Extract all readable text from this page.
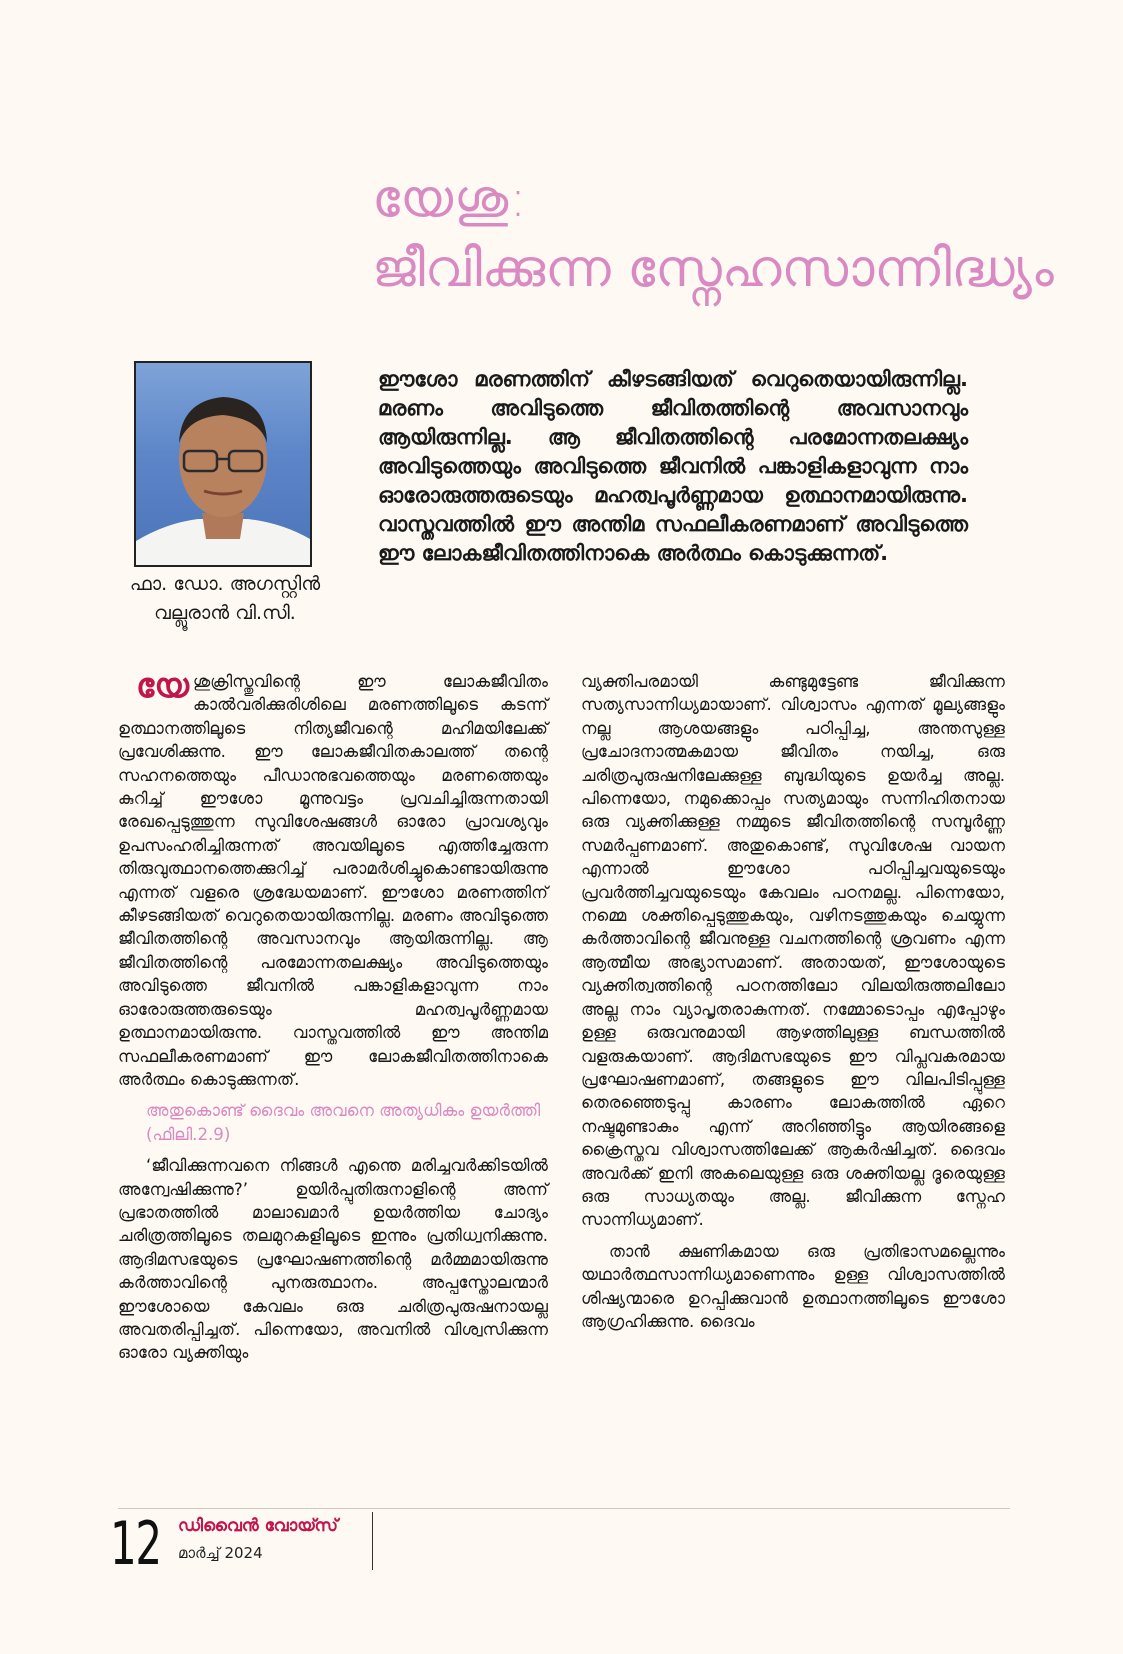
യേശു:
ജീവിക്കുന്ന സ്നേഹസാന്നിദ്ധ്യം
ഫാ. ഡോ. അഗസ്റ്റിൻ
വല്ലൂരാൻ വി.സി.
ഈശോ മരണത്തിന് കീഴടങ്ങിയത് വെറുതെയായിരുന്നില്ല. മരണം അവിടുത്തെ ജീവിതത്തിന്റെ അവസാനവും ആയിരുന്നില്ല. ആ ജീവിതത്തിന്റെ പരമോന്നതലക്ഷ്യം അവിടുത്തെയും അവിടുത്തെ ജീവനിൽ പങ്കാളികളാവുന്ന നാം ഓരോരുത്തരുടെയും മഹത്വപൂർണ്ണമായ ഉത്ഥാനമായിരുന്നു. വാസ്തവത്തിൽ ഈ അന്തിമ സഫലീകരണമാണ് അവിടുത്തെ ഈ ലോകജീവിതത്തിനാകെ അർത്ഥം കൊടുക്കുന്നത്.

യേശുക്രിസ്തുവിന്റെ ഈ ലോകജീവിതം കാൽവരിക്കുരിശിലെ മരണത്തിലൂടെ കടന്ന് ഉത്ഥാനത്തിലൂടെ നിത്യജീവന്റെ മഹിമയിലേക്ക് പ്രവേശിക്കുന്നു. ഈ ലോകജീവിതകാലത്ത് തന്റെ സഹനത്തെയും പീഡാനുഭവത്തെയും മരണത്തെയും കുറിച്ച് ഈശോ മൂന്നുവട്ടം പ്രവചിച്ചിരുന്നതായി രേഖപ്പെടുത്തുന്ന സുവിശേഷങ്ങൾ ഓരോ പ്രാവശ്യവും ഉപസംഹരിച്ചിരുന്നത് അവയിലൂടെ എത്തിച്ചേരുന്ന തിരുവുത്ഥാനത്തെക്കുറിച്ച് പരാമർശിച്ചുകൊണ്ടായിരുന്നു എന്നത് വളരെ ശ്രദ്ധേയമാണ്. ഈശോ മരണത്തിന് കീഴടങ്ങിയത് വെറുതെയായിരുന്നില്ല. മരണം അവിടുത്തെ ജീവിതത്തിന്റെ അവസാനവും ആയിരുന്നില്ല. ആ ജീവിതത്തിന്റെ പരമോന്നതലക്ഷ്യം അവിടുത്തെയും അവിടുത്തെ ജീവനിൽ പങ്കാളികളാവുന്ന നാം ഓരോരുത്തരുടെയും മഹത്വപൂർണ്ണമായ ഉത്ഥാനമായിരുന്നു. വാസ്തവത്തിൽ ഈ അന്തിമ സഫലീകരണമാണ് ഈ ലോകജീവിതത്തിനാകെ അർത്ഥം കൊടുക്കുന്നത്.

അതുകൊണ്ട് ദൈവം അവനെ അത്യധികം ഉയർത്തി (ഫിലി.2.9)

‘ജീവിക്കുന്നവനെ നിങ്ങൾ എന്തെ മരിച്ചവർക്കിടയിൽ അന്വേഷിക്കുന്നു?’ ഉയിർപ്പുതിരുനാളിന്റെ അന്ന് പ്രഭാതത്തിൽ മാലാഖമാർ ഉയർത്തിയ ചോദ്യം ചരിത്രത്തിലൂടെ തലമുറകളിലൂടെ ഇന്നും പ്രതിധ്വനിക്കുന്നു. ആദിമസഭയുടെ പ്രഘോഷണത്തിന്റെ മർമ്മമായിരുന്നു കർത്താവിന്റെ പുനരുത്ഥാനം. അപ്പസ്തോലന്മാർ ഈശോയെ കേവലം ഒരു ചരിത്രപുരുഷനായല്ല അവതരിപ്പിച്ചത്. പിന്നെയോ, അവനിൽ വിശ്വസിക്കുന്ന ഓരോ വ്യക്തിയും

വ്യക്തിപരമായി കണ്ടുമുട്ടേണ്ട ജീവിക്കുന്ന സത്യസാന്നിധ്യമായാണ്. വിശ്വാസം എന്നത് മൂല്യങ്ങളും നല്ല ആശയങ്ങളും പഠിപ്പിച്ച, അന്തസുള്ള പ്രചോദനാത്മകമായ ജീവിതം നയിച്ച, ഒരു ചരിത്രപുരുഷനിലേക്കുള്ള ബുദ്ധിയുടെ ഉയർച്ച അല്ല. പിന്നെയോ, നമുക്കൊപ്പം സത്യമായും സന്നിഹിതനായ ഒരു വ്യക്തിക്കുള്ള നമ്മുടെ ജീവിതത്തിന്റെ സമ്പൂർണ്ണ സമർപ്പണമാണ്. അതുകൊണ്ട്, സുവിശേഷ വായന എന്നാൽ ഈശോ പഠിപ്പിച്ചവയുടെയും പ്രവർത്തിച്ചവയുടെയും കേവലം പഠനമല്ല. പിന്നെയോ, നമ്മെ ശക്തിപ്പെടുത്തുകയും, വഴിനടത്തുകയും ചെയ്യുന്ന കർത്താവിന്റെ ജീവനുള്ള വചനത്തിന്റെ ശ്രവണം എന്ന ആത്മീയ അഭ്യാസമാണ്. അതായത്, ഈശോയുടെ വ്യക്തിത്വത്തിന്റെ പഠനത്തിലോ വിലയിരുത്തലിലോ അല്ല നാം വ്യാപൃതരാകുന്നത്. നമ്മോടൊപ്പം എപ്പോഴും ഉള്ള ഒരുവനുമായി ആഴത്തിലുള്ള ബന്ധത്തിൽ വളരുകയാണ്. ആദിമസഭയുടെ ഈ വിപ്ലവകരമായ പ്രഘോഷണമാണ്, തങ്ങളുടെ ഈ വിലപിടിപ്പുള്ള തെരഞ്ഞെടുപ്പു കാരണം ലോകത്തിൽ ഏറെ നഷ്ടമുണ്ടാകും എന്ന് അറിഞ്ഞിട്ടും ആയിരങ്ങളെ ക്രൈസ്തവ വിശ്വാസത്തിലേക്ക് ആകർഷിച്ചത്. ദൈവം അവർക്ക് ഇനി അകലെയുള്ള ഒരു ശക്തിയല്ല ദൂരെയുള്ള ഒരു സാധ്യതയും അല്ല. ജീവിക്കുന്ന സ്നേഹ സാന്നിധ്യമാണ്.

താൻ ക്ഷണികമായ ഒരു പ്രതിഭാസമല്ലെന്നും യഥാർത്ഥസാന്നിധ്യമാണെന്നും ഉള്ള വിശ്വാസത്തിൽ ശിഷ്യന്മാരെ ഉറപ്പിക്കുവാൻ ഉത്ഥാനത്തിലൂടെ ഈശോ ആഗ്രഹിക്കുന്നു. ദൈവം

12 ഡിവൈൻ വോയ്സ്
മാർച്ച് 2024
